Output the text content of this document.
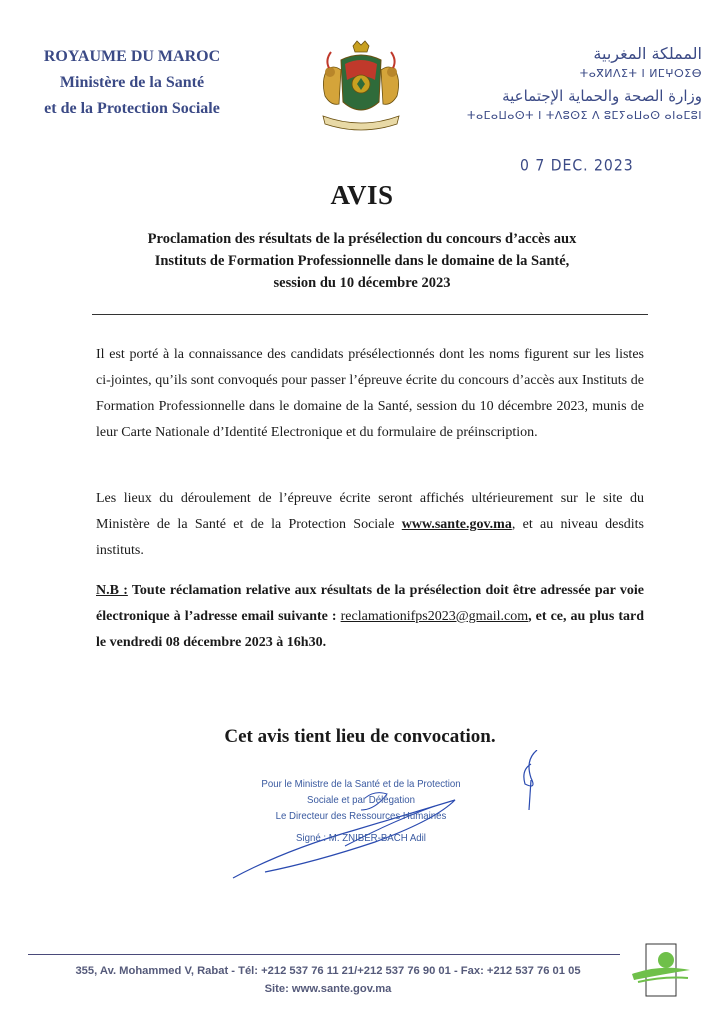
ROYAUME DU MAROC
Ministère de la Santé
et de la Protection Sociale
المملكة المغربية
ⵜⴰⴳⵍⴷⵉⵜ ⵏ ⵍⵎⵖⵔⵉⴱ
وزارة الصحة والحماية الإجتماعية
ⵜⴰⵎⴰⵡⴰⵙⵜ ⵏ ⵜⴷⵓⵙⵉ ⴷ ⵓⵎⵢⴰⵡⴰⵙ ⴰⵏⴰⵎⵓⵏ
0 7 DEC. 2023
AVIS
Proclamation des résultats de la présélection du concours d’accès aux
Instituts de Formation Professionnelle dans le domaine de la Santé,
session du 10 décembre 2023
Il est porté à la connaissance des candidats présélectionnés dont les noms figurent sur les listes ci-jointes, qu’ils sont convoqués pour passer l’épreuve écrite du concours d’accès aux Instituts de Formation Professionnelle dans le domaine de la Santé, session du 10 décembre 2023, munis de leur Carte Nationale d’Identité Electronique et du formulaire de préinscription.
Les lieux du déroulement de l’épreuve écrite seront affichés ultérieurement sur le site du Ministère de la Santé et de la Protection Sociale www.sante.gov.ma, et au niveau desdits instituts.
N.B : Toute réclamation relative aux résultats de la présélection doit être adressée par voie électronique à l’adresse email suivante : reclamationifps2023@gmail.com, et ce, au plus tard le vendredi 08 décembre 2023 à 16h30.
Cet avis tient lieu de convocation.
Pour le Ministre de la Santé et de la Protection
Sociale et par Délégation
Le Directeur des Ressources Humaines
Signé : M. ZNIBER-BACH Adil
355, Av. Mohammed V, Rabat - Tél: +212 537 76 11 21/+212 537 76 90 01 - Fax: +212 537 76 01 05
Site: www.sante.gov.ma
